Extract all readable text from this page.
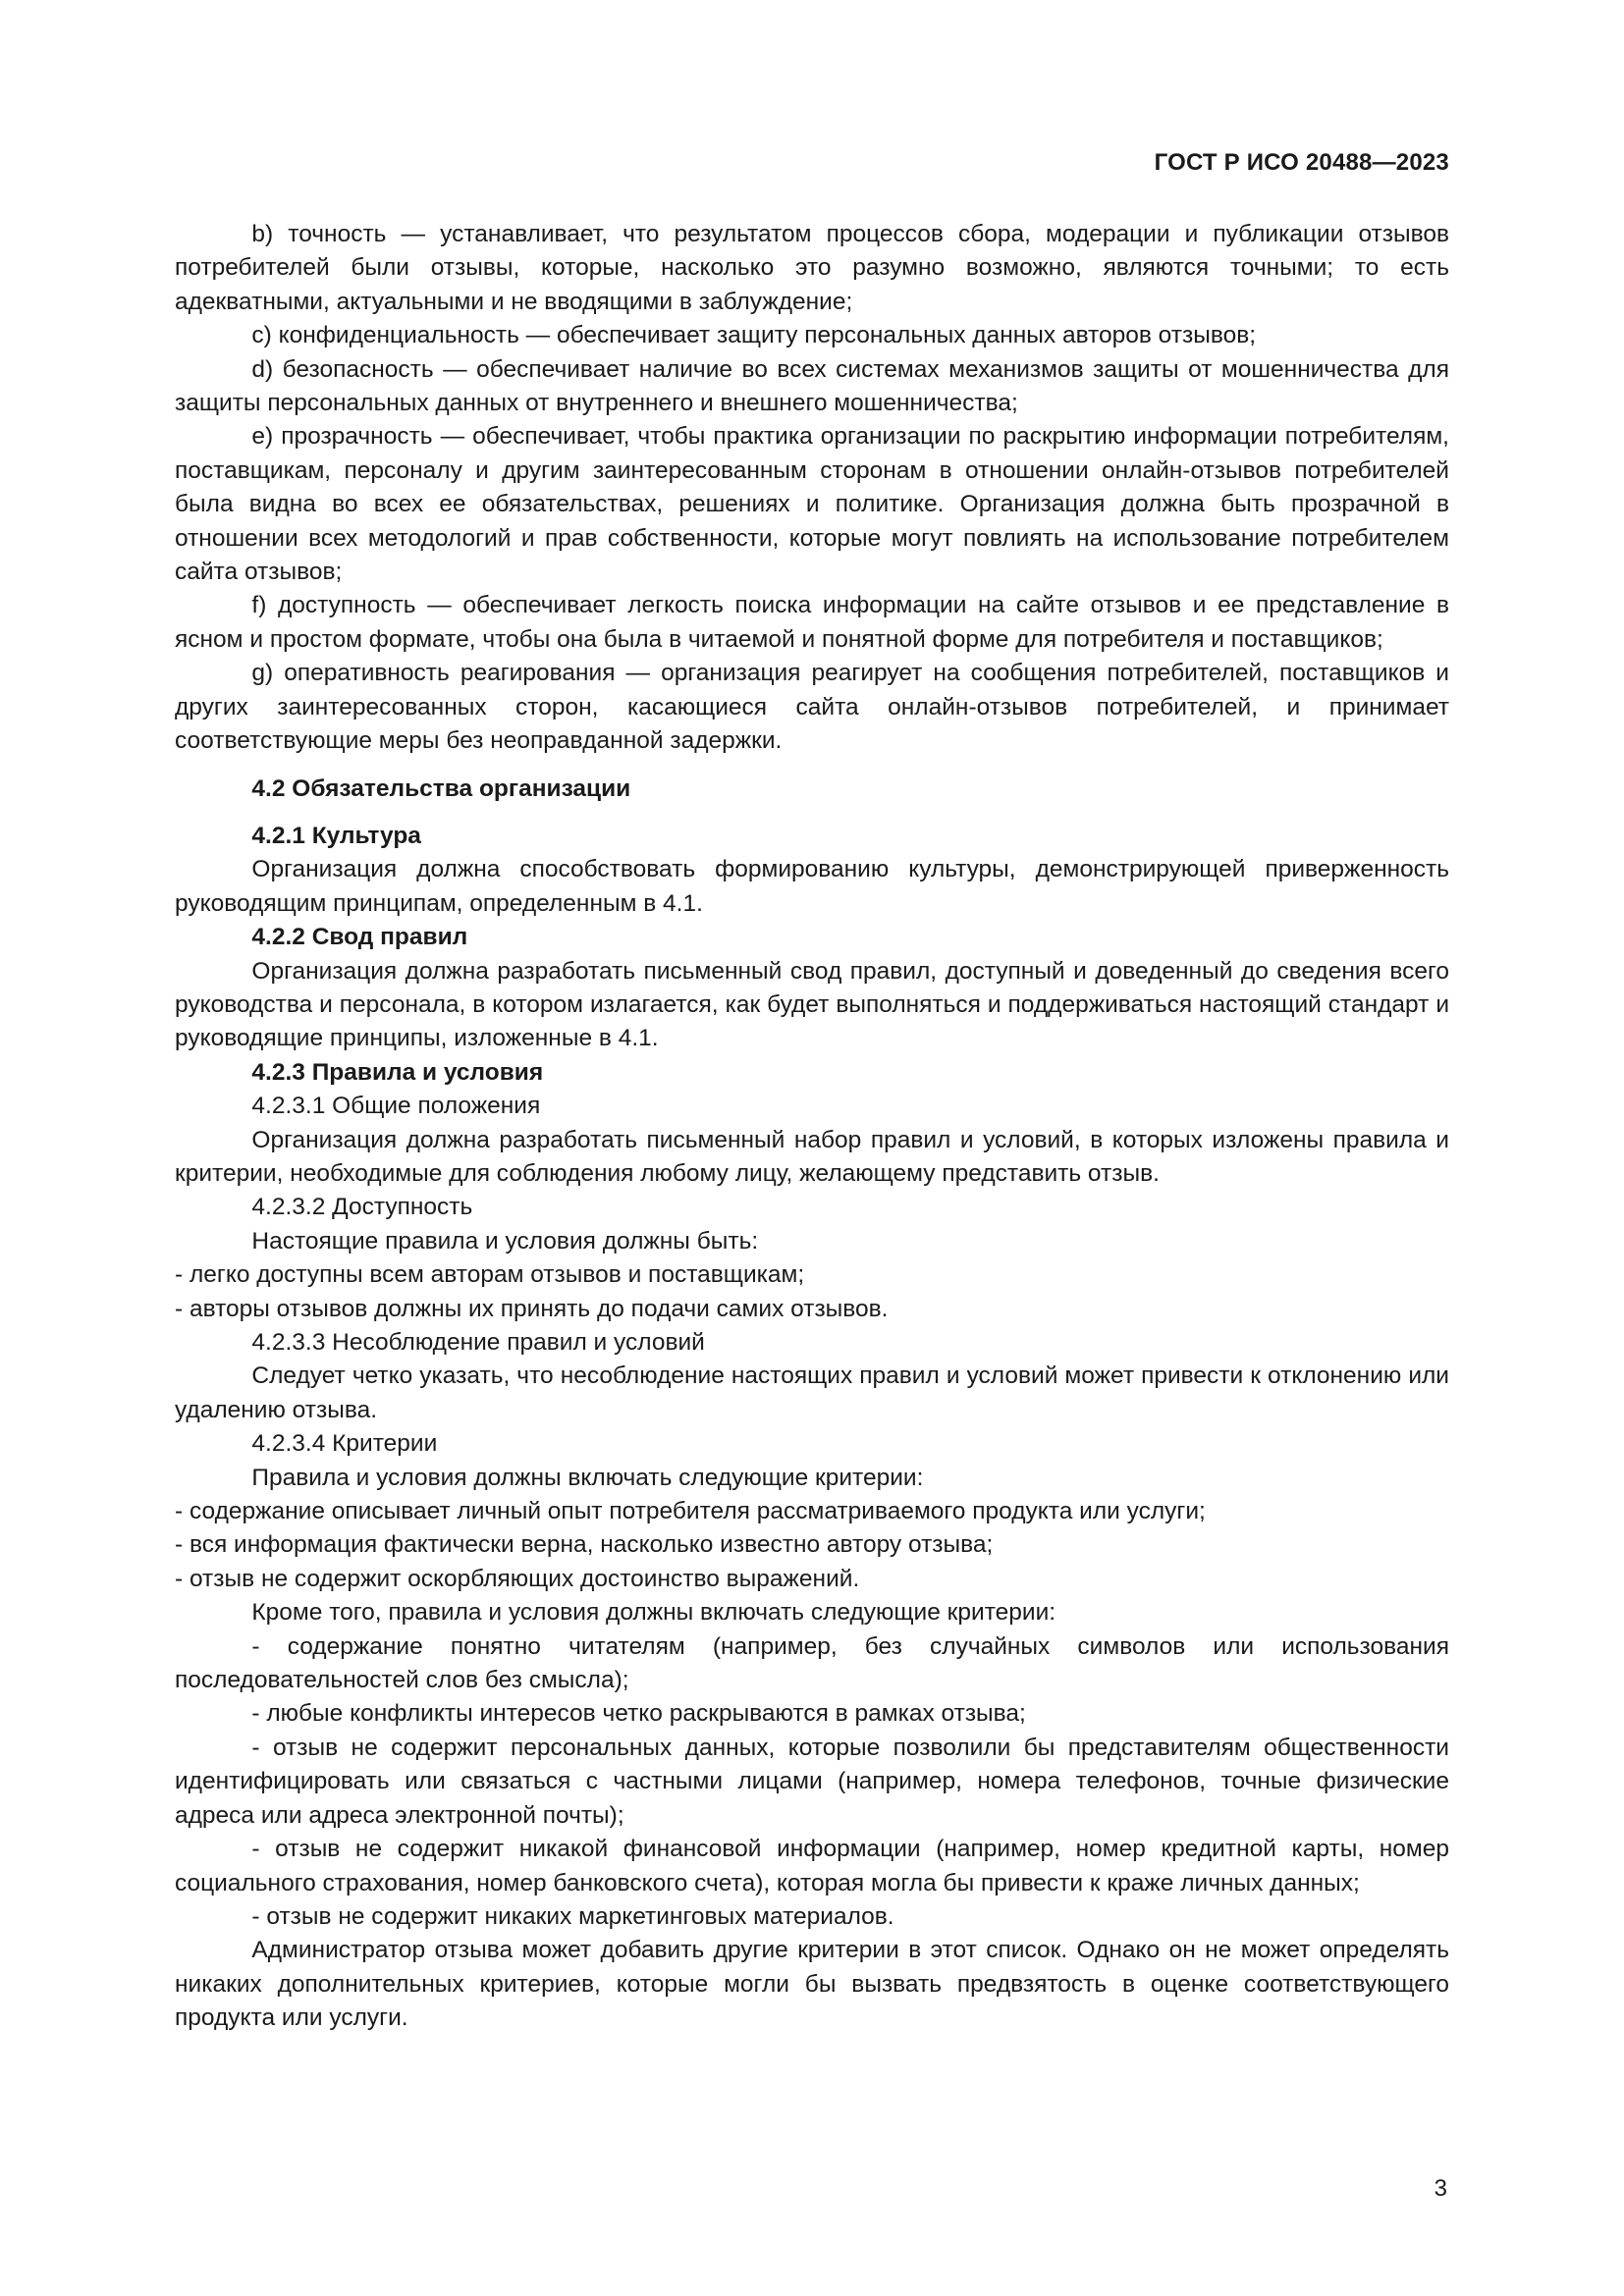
ГОСТ Р ИСО 20488—2023

b) точность — устанавливает, что результатом процессов сбора, модерации и публикации отзывов потребителей были отзывы, которые, насколько это разумно возможно, являются точными; то есть адекватными, актуальными и не вводящими в заблуждение;

c) конфиденциальность — обеспечивает защиту персональных данных авторов отзывов;

d) безопасность — обеспечивает наличие во всех системах механизмов защиты от мошенничества для защиты персональных данных от внутреннего и внешнего мошенничества;

e) прозрачность — обеспечивает, чтобы практика организации по раскрытию информации потребителям, поставщикам, персоналу и другим заинтересованным сторонам в отношении онлайн-отзывов потребителей была видна во всех ее обязательствах, решениях и политике. Организация должна быть прозрачной в отношении всех методологий и прав собственности, которые могут повлиять на использование потребителем сайта отзывов;

f) доступность — обеспечивает легкость поиска информации на сайте отзывов и ее представление в ясном и простом формате, чтобы она была в читаемой и понятной форме для потребителя и поставщиков;

g) оперативность реагирования — организация реагирует на сообщения потребителей, поставщиков и других заинтересованных сторон, касающиеся сайта онлайн-отзывов потребителей, и принимает соответствующие меры без неоправданной задержки.

4.2 Обязательства организации

4.2.1 Культура

Организация должна способствовать формированию культуры, демонстрирующей приверженность руководящим принципам, определенным в 4.1.

4.2.2 Свод правил

Организация должна разработать письменный свод правил, доступный и доведенный до сведения всего руководства и персонала, в котором излагается, как будет выполняться и поддерживаться настоящий стандарт и руководящие принципы, изложенные в 4.1.

4.2.3 Правила и условия

4.2.3.1 Общие положения

Организация должна разработать письменный набор правил и условий, в которых изложены правила и критерии, необходимые для соблюдения любому лицу, желающему представить отзыв.

4.2.3.2 Доступность

Настоящие правила и условия должны быть:

- легко доступны всем авторам отзывов и поставщикам;

- авторы отзывов должны их принять до подачи самих отзывов.

4.2.3.3 Несоблюдение правил и условий

Следует четко указать, что несоблюдение настоящих правил и условий может привести к отклонению или удалению отзыва.

4.2.3.4 Критерии

Правила и условия должны включать следующие критерии:

- содержание описывает личный опыт потребителя рассматриваемого продукта или услуги;

- вся информация фактически верна, насколько известно автору отзыва;

- отзыв не содержит оскорбляющих достоинство выражений.

Кроме того, правила и условия должны включать следующие критерии:

- содержание понятно читателям (например, без случайных символов или использования последовательностей слов без смысла);

- любые конфликты интересов четко раскрываются в рамках отзыва;

- отзыв не содержит персональных данных, которые позволили бы представителям общественности идентифицировать или связаться с частными лицами (например, номера телефонов, точные физические адреса или адреса электронной почты);

- отзыв не содержит никакой финансовой информации (например, номер кредитной карты, номер социального страхования, номер банковского счета), которая могла бы привести к краже личных данных;

- отзыв не содержит никаких маркетинговых материалов.

Администратор отзыва может добавить другие критерии в этот список. Однако он не может определять никаких дополнительных критериев, которые могли бы вызвать предвзятость в оценке соответствующего продукта или услуги.

3
